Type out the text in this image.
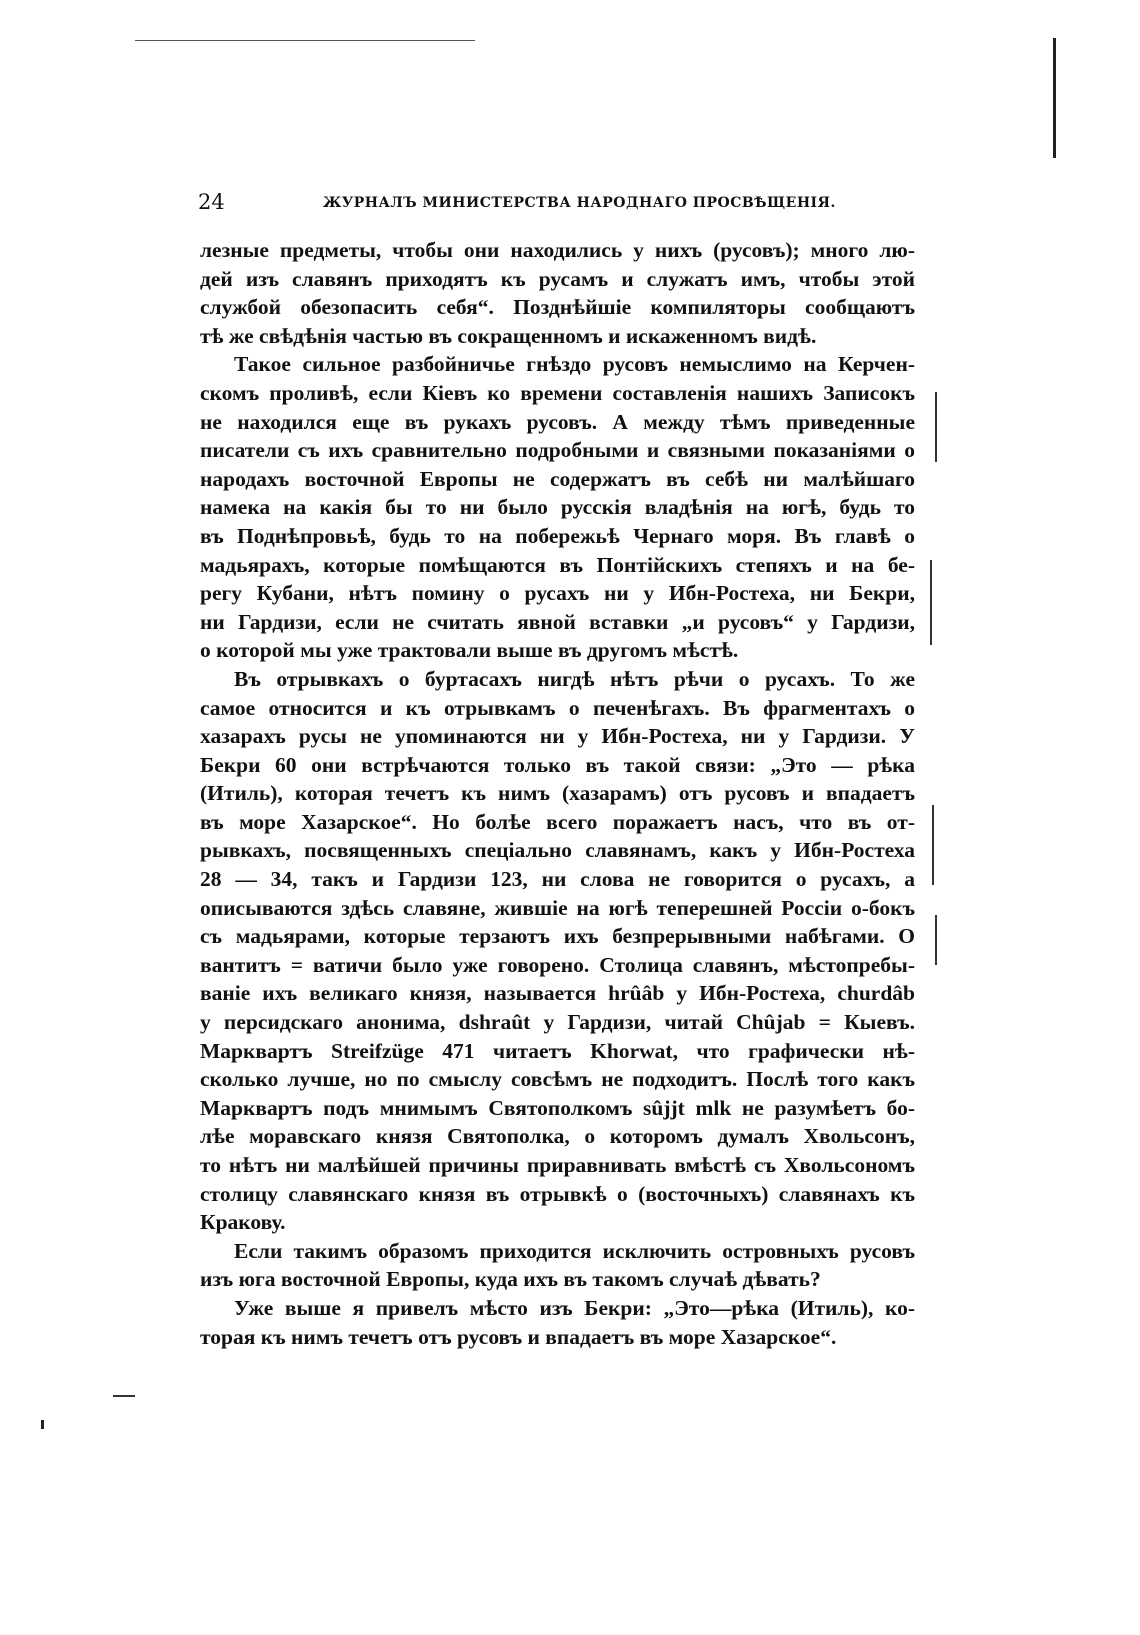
24	ЖУРНАЛЪ МИНИСТЕРСТВА НАРОДНАГО ПРОСВѢЩЕНІЯ.
лезные предметы, чтобы они находились у нихъ (русовъ); много лю-
дей изъ славянъ приходятъ къ русамъ и служатъ имъ, чтобы этой
службой обезопасить себя“. Позднѣйшіе компиляторы сообщаютъ
тѣ же свѣдѣнія частью въ сокращенномъ и искаженномъ видѣ.
Такое сильное разбойничье гнѣздо русовъ немыслимо на Керчен-
скомъ проливѣ, если Кіевъ ко времени составленія нашихъ Записокъ
не находился еще въ рукахъ русовъ. А между тѣмъ приведенные
писатели съ ихъ сравнительно подробными и связными показаніями о
народахъ восточной Европы не содержатъ въ себѣ ни малѣйшаго
намека на какія бы то ни было русскія владѣнія на югѣ, будь то
въ Поднѣпровьѣ, будь то на побережьѣ Чернаго моря. Въ главѣ о
мадьярахъ, которые помѣщаются въ Понтійскихъ степяхъ и на бе-
регу Кубани, нѣтъ помину о русахъ ни у Ибн-Ростеха, ни Бекри,
ни Гардизи, если не считать явной вставки „и русовъ“ у Гардизи,
о которой мы уже трактовали выше въ другомъ мѣстѣ.
Въ отрывкахъ о буртасахъ нигдѣ нѣтъ рѣчи о русахъ. То же
самое относится и къ отрывкамъ о печенѣгахъ. Въ фрагментахъ о
хазарахъ русы не упоминаются ни у Ибн-Ростеха, ни у Гардизи. У
Бекри 60 они встрѣчаются только въ такой связи: „Это — рѣка
(Итиль), которая течетъ къ нимъ (хазарамъ) отъ русовъ и впадаетъ
въ море Хазарское“. Но болѣе всего поражаетъ насъ, что въ от-
рывкахъ, посвященныхъ спеціально славянамъ, какъ у Ибн-Ростеха
28 — 34, такъ и Гардизи 123, ни слова не говорится о русахъ, а
описываются здѣсь славяне, жившіе на югѣ теперешней Россіи о-бокъ
съ мадьярами, которые терзаютъ ихъ безпрерывными набѣгами. О
вантитъ = ватичи было уже говорено. Столица славянъ, мѣстопребы-
ваніе ихъ великаго князя, называется hrûâb у Ибн-Ростеха, churdâb
у персидскаго анонима, dshraût у Гардизи, читай Chûjab = Кыевъ.
Марквартъ Streifzüge 471 читаетъ Khorwat, что графически нѣ-
сколько лучше, но по смыслу совсѣмъ не подходитъ. Послѣ того какъ
Марквартъ подъ мнимымъ Святополкомъ sûjjt mlk не разумѣетъ бо-
лѣе моравскаго князя Святополка, о которомъ думалъ Хвольсонъ,
то нѣтъ ни малѣйшей причины приравнивать вмѣстѣ съ Хвольсономъ
столицу славянскаго князя въ отрывкѣ о (восточныхъ) славянахъ къ
Кракову.
Если такимъ образомъ приходится исключить островныхъ русовъ
изъ юга восточной Европы, куда ихъ въ такомъ случаѣ дѣвать?
Уже выше я привелъ мѣсто изъ Бекри: „Это—рѣка (Итиль), ко-
торая къ нимъ течетъ отъ русовъ и впадаетъ въ море Хазарское“.
